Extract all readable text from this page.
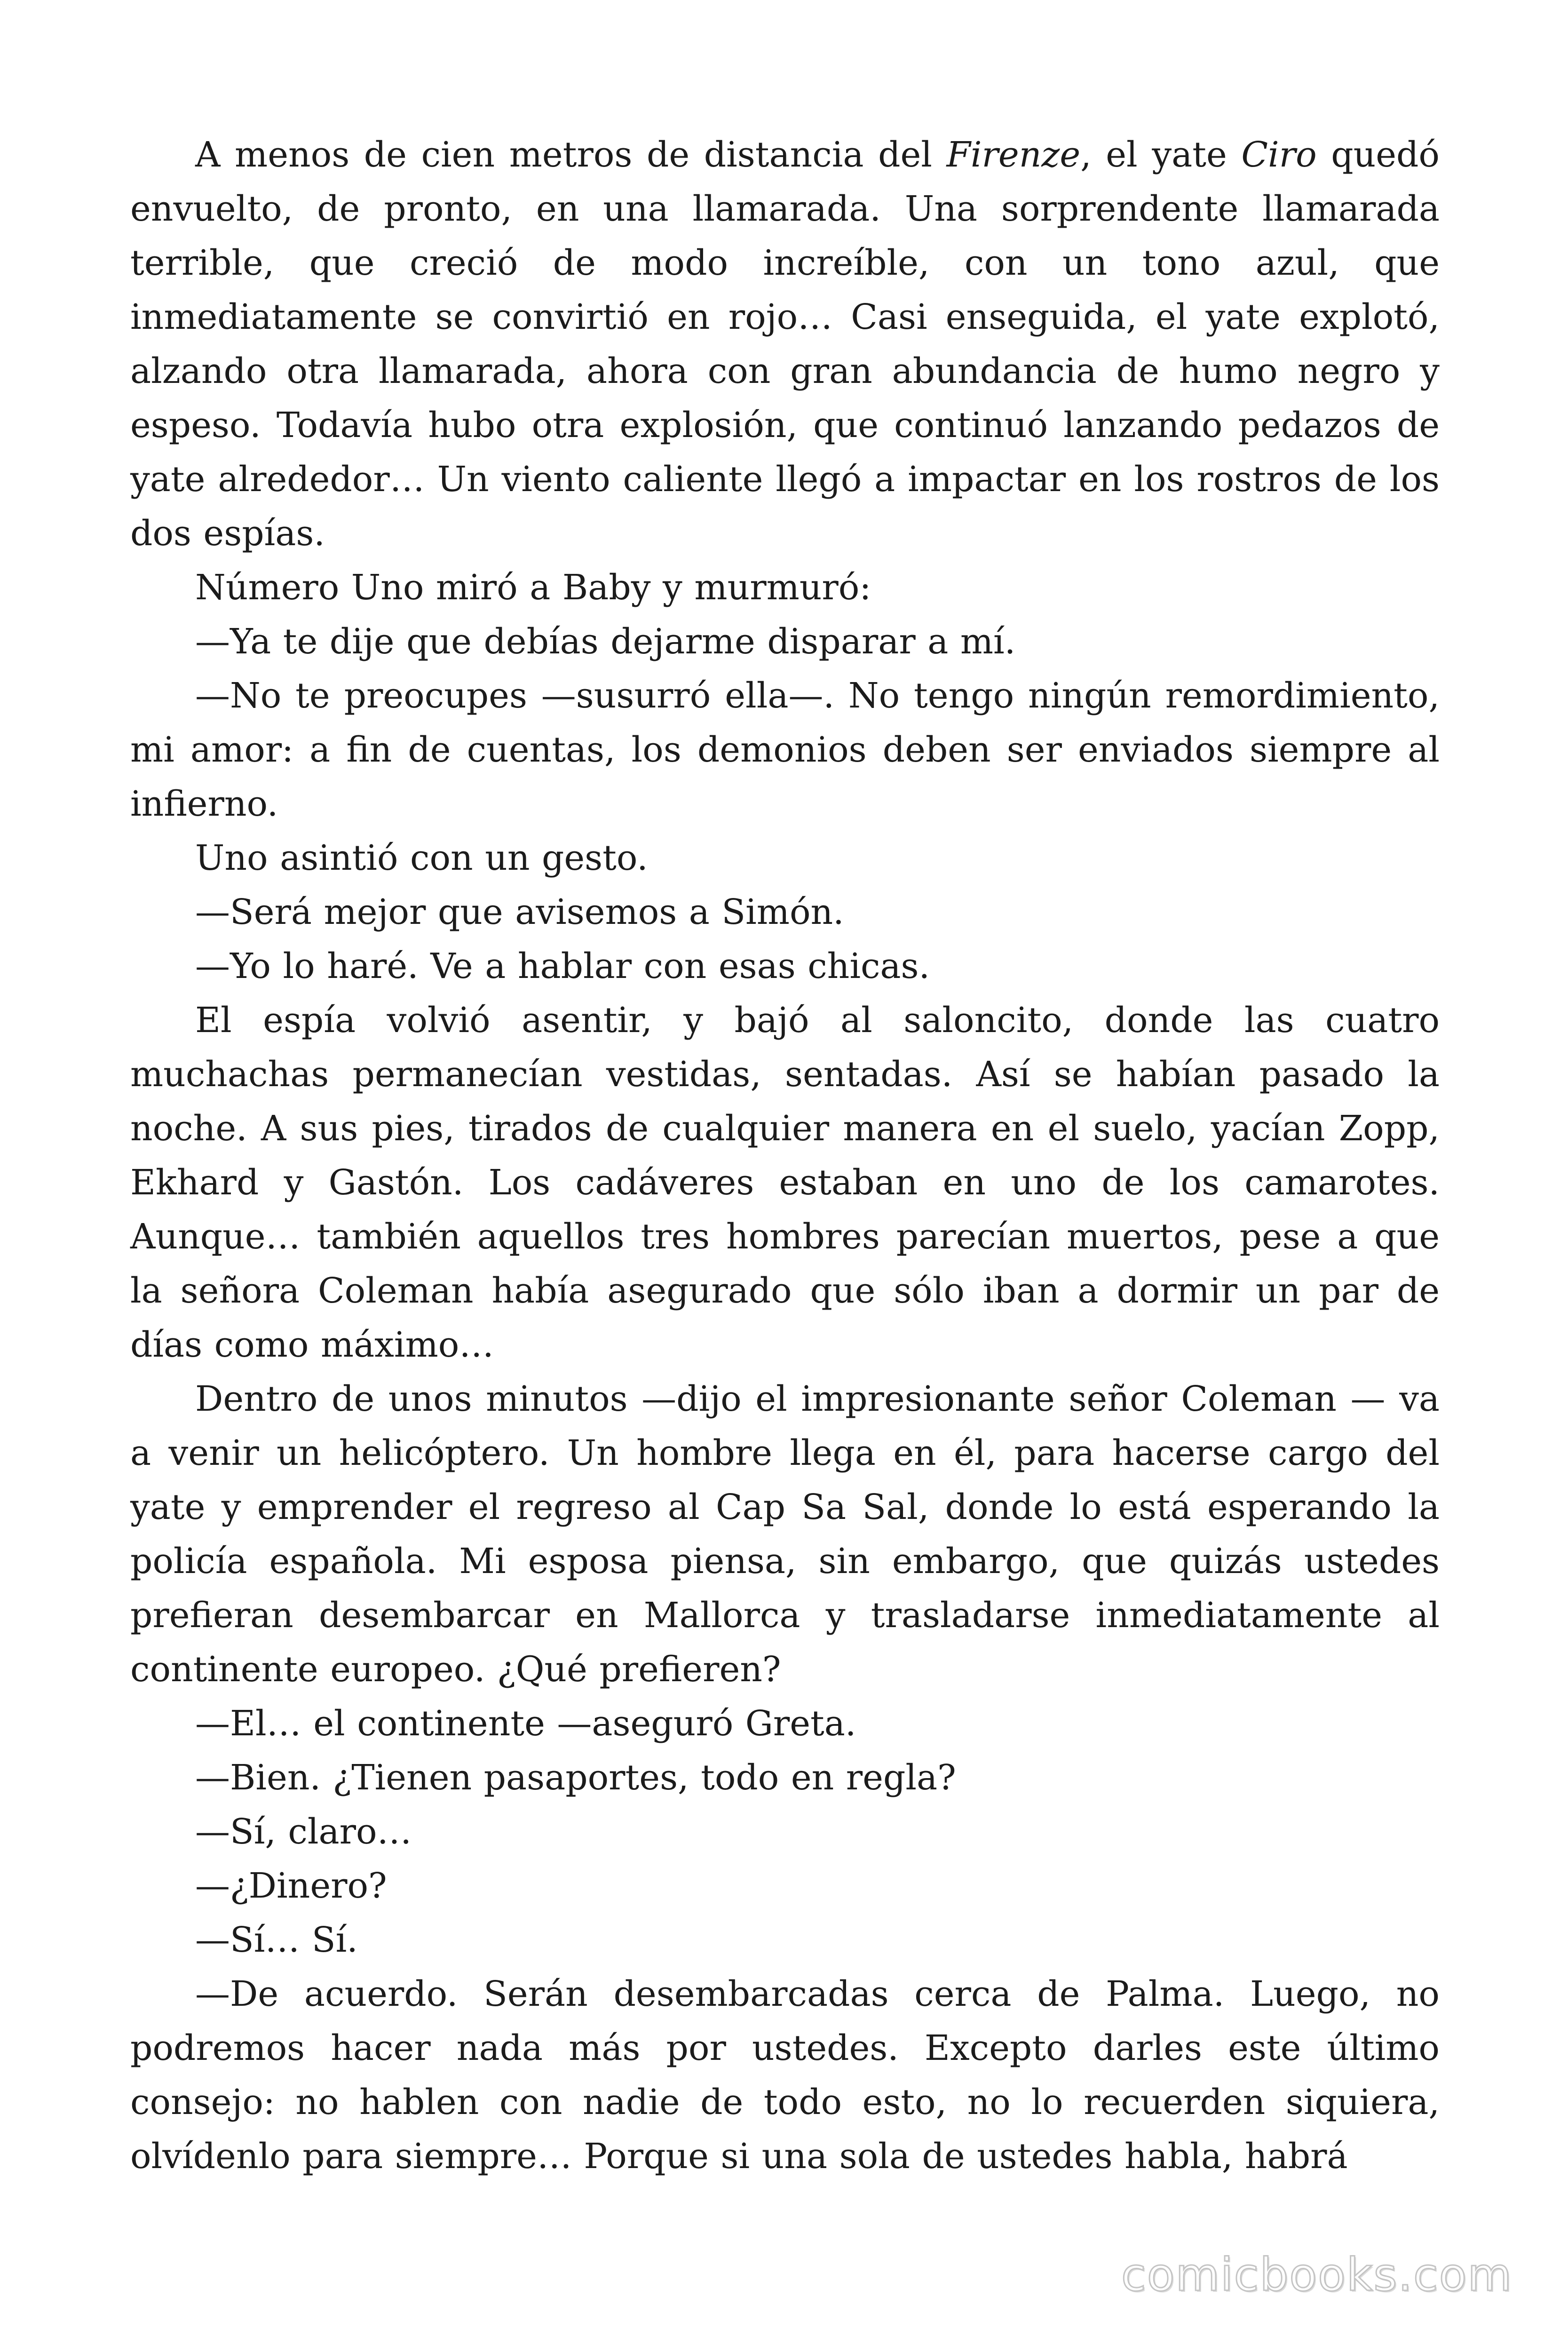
A menos de cien metros de distancia del Firenze, el yate Ciro quedó envuelto, de pronto, en una llamarada. Una sorprendente llamarada terrible, que creció de modo increíble, con un tono azul, que inmediatamente se convirtió en rojo… Casi enseguida, el yate explotó, alzando otra llamarada, ahora con gran abundancia de humo negro y espeso. Todavía hubo otra explosión, que continuó lanzando pedazos de yate alrededor… Un viento caliente llegó a impactar en los rostros de los dos espías.

Número Uno miró a Baby y murmuró:

—Ya te dije que debías dejarme disparar a mí.

—No te preocupes —susurró ella—. No tengo ningún remordimiento, mi amor: a fin de cuentas, los demonios deben ser enviados siempre al infierno.

Uno asintió con un gesto.

—Será mejor que avisemos a Simón.

—Yo lo haré. Ve a hablar con esas chicas.

El espía volvió asentir, y bajó al saloncito, donde las cuatro muchachas permanecían vestidas, sentadas. Así se habían pasado la noche. A sus pies, tirados de cualquier manera en el suelo, yacían Zopp, Ekhard y Gastón. Los cadáveres estaban en uno de los camarotes. Aunque… también aquellos tres hombres parecían muertos, pese a que la señora Coleman había asegurado que sólo iban a dormir un par de días como máximo…

Dentro de unos minutos —dijo el impresionante señor Coleman — va a venir un helicóptero. Un hombre llega en él, para hacerse cargo del yate y emprender el regreso al Cap Sa Sal, donde lo está esperando la policía española. Mi esposa piensa, sin embargo, que quizás ustedes prefieran desembarcar en Mallorca y trasladarse inmediatamente al continente europeo. ¿Qué prefieren?

—El… el continente —aseguró Greta.

—Bien. ¿Tienen pasaportes, todo en regla?

—Sí, claro…

—¿Dinero?

—Sí… Sí.

—De acuerdo. Serán desembarcadas cerca de Palma. Luego, no podremos hacer nada más por ustedes. Excepto darles este último consejo: no hablen con nadie de todo esto, no lo recuerden siquiera, olvídenlo para siempre… Porque si una sola de ustedes habla, habrá

comicbooks.com
